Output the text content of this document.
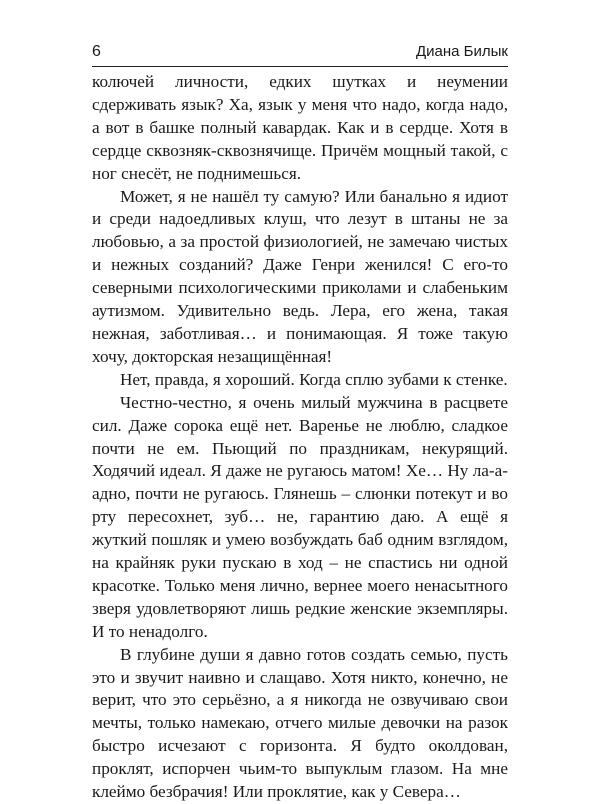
6	Диана Билык

колючей личности, едких шутках и неумении сдерживать язык? Ха, язык у меня что надо, когда надо, а вот в башке полный кавардак. Как и в сердце. Хотя в сердце сквозняк-сквознячище. Причём мощный такой, с ног снесёт, не поднимешься.

Может, я не нашёл ту самую? Или банально я идиот и среди надоедливых клуш, что лезут в штаны не за любовью, а за простой физиологией, не замечаю чистых и нежных созданий? Даже Генри женился! С его-то северными психологическими приколами и слабеньким аутизмом. Удивительно ведь. Лера, его жена, такая нежная, заботливая… и понимающая. Я тоже такую хочу, докторская незащищённая!

Нет, правда, я хороший. Когда сплю зубами к стенке.

Честно-честно, я очень милый мужчина в расцвете сил. Даже сорока ещё нет. Варенье не люблю, сладкое почти не ем. Пьющий по праздникам, некурящий. Ходячий идеал. Я даже не ругаюсь матом! Хе… Ну ла-а-адно, почти не ругаюсь. Глянешь – слюнки потекут и во рту пересохнет, зуб… не, гарантию даю. А ещё я жуткий пошляк и умею возбуждать баб одним взглядом, на крайняк руки пускаю в ход – не спастись ни одной красотке. Только меня лично, вернее моего ненасытного зверя удовлетворяют лишь редкие женские экземпляры. И то ненадолго.

В глубине души я давно готов создать семью, пусть это и звучит наивно и слащаво. Хотя никто, конечно, не верит, что это серьёзно, а я никогда не озвучиваю свои мечты, только намекаю, отчего милые девочки на разок быстро исчезают с горизонта. Я будто околдован, проклят, испорчен чьим-то выпуклым глазом. На мне клеймо безбрачия! Или проклятие, как у Севера…
